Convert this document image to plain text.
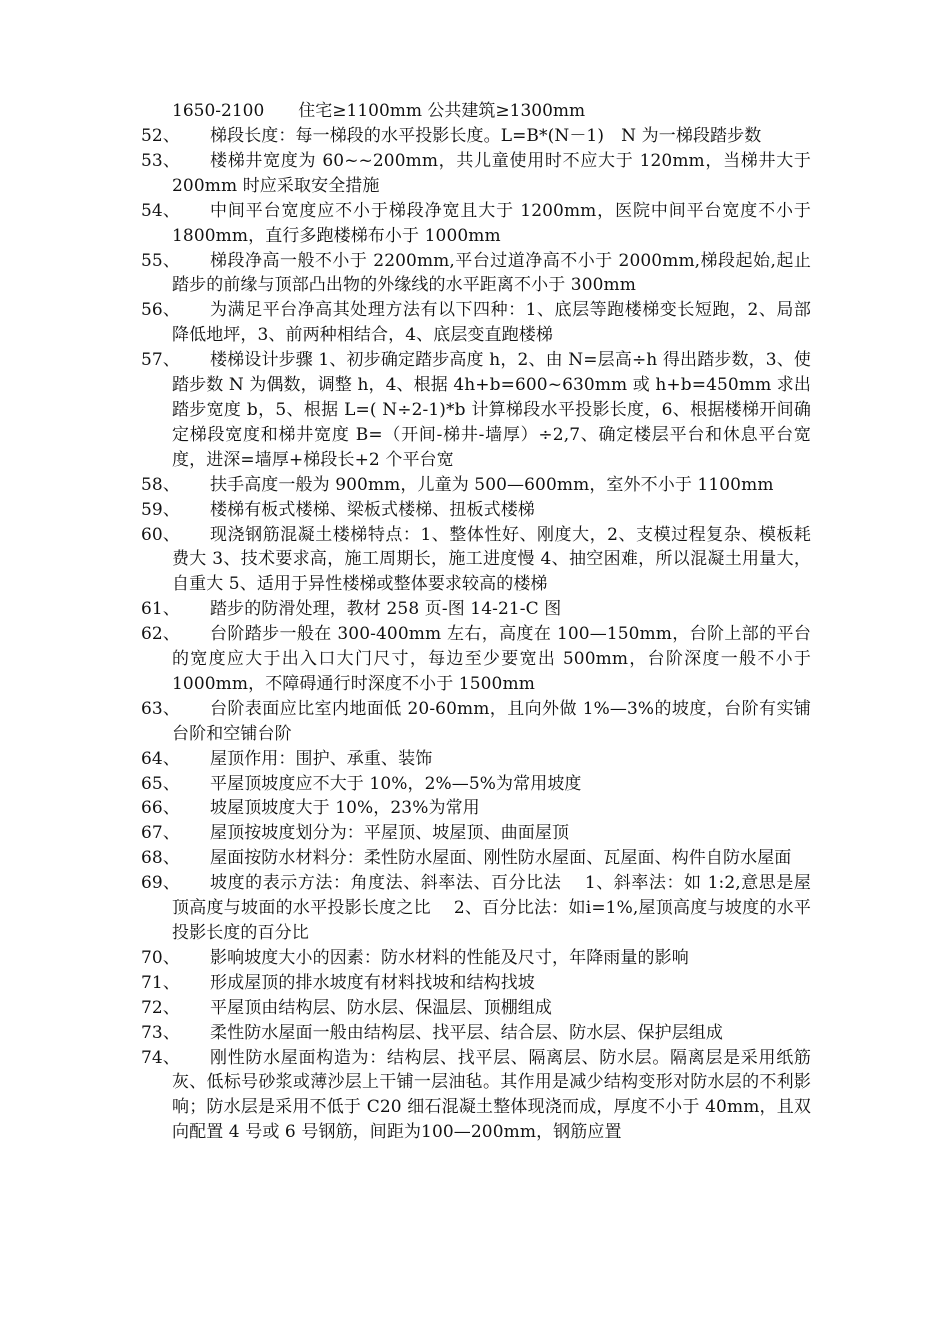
1650-2100　　住宅≥1100mm 公共建筑≥1300mm
52、	梯段长度：每一梯段的水平投影长度。L=B*(N－1)　N 为一梯段踏步数
53、	楼梯井宽度为 60~~200mm，共儿童使用时不应大于 120mm，当梯井大于 200mm 时应采取安全措施
54、	中间平台宽度应不小于梯段净宽且大于 1200mm，医院中间平台宽度不小于 1800mm，直行多跑楼梯布小于 1000mm
55、	梯段净高一般不小于 2200mm,平台过道净高不小于 2000mm,梯段起始,起止踏步的前缘与顶部凸出物的外缘线的水平距离不小于 300mm
56、	为满足平台净高其处理方法有以下四种：1、底层等跑楼梯变长短跑，2、局部降低地坪，3、前两种相结合，4、底层变直跑楼梯
57、	楼梯设计步骤 1、初步确定踏步高度 h，2、由 N=层高÷h 得出踏步数，3、使踏步数 N 为偶数，调整 h，4、根据 4h+b=600~630mm 或 h+b=450mm 求出踏步宽度 b，5、根据 L=( N÷2-1)*b 计算梯段水平投影长度，6、根据楼梯开间确定梯段宽度和梯井宽度 B=（开间-梯井-墙厚）÷2,7、确定楼层平台和休息平台宽度，进深=墙厚+梯段长+2 个平台宽
58、	扶手高度一般为 900mm，儿童为 500—600mm，室外不小于 1100mm
59、	楼梯有板式楼梯、梁板式楼梯、扭板式楼梯
60、	现浇钢筋混凝土楼梯特点：1、整体性好、刚度大，2、支模过程复杂、模板耗费大 3、技术要求高，施工周期长，施工进度慢 4、抽空困难，所以混凝土用量大，自重大 5、适用于异性楼梯或整体要求较高的楼梯
61、	踏步的防滑处理，教材 258 页-图 14-21-C 图
62、	台阶踏步一般在 300-400mm 左右，高度在 100—150mm，台阶上部的平台的宽度应大于出入口大门尺寸，每边至少要宽出 500mm，台阶深度一般不小于 1000mm，不障碍通行时深度不小于 1500mm
63、	台阶表面应比室内地面低 20-60mm，且向外做 1%—3%的坡度，台阶有实铺台阶和空铺台阶
64、	屋顶作用：围护、承重、装饰
65、	平屋顶坡度应不大于 10%，2%—5%为常用坡度
66、	坡屋顶坡度大于 10%，23%为常用
67、	屋顶按坡度划分为：平屋顶、坡屋顶、曲面屋顶
68、	屋面按防水材料分：柔性防水屋面、刚性防水屋面、瓦屋面、构件自防水屋面
69、	坡度的表示方法：角度法、斜率法、百分比法　 1、斜率法：如 1:2,意思是屋顶高度与坡面的水平投影长度之比　 2、百分比法：如i=1%,屋顶高度与坡度的水平投影长度的百分比
70、	影响坡度大小的因素：防水材料的性能及尺寸，年降雨量的影响
71、	形成屋顶的排水坡度有材料找坡和结构找坡
72、	平屋顶由结构层、防水层、保温层、顶棚组成
73、	柔性防水屋面一般由结构层、找平层、结合层、防水层、保护层组成
74、	刚性防水屋面构造为：结构层、找平层、隔离层、防水层。隔离层是采用纸筋灰、低标号砂浆或薄沙层上干铺一层油毡。其作用是减少结构变形对防水层的不利影响；防水层是采用不低于 C20 细石混凝土整体现浇而成，厚度不小于 40mm，且双向配置 4 号或 6 号钢筋，间距为100—200mm，钢筋应置
